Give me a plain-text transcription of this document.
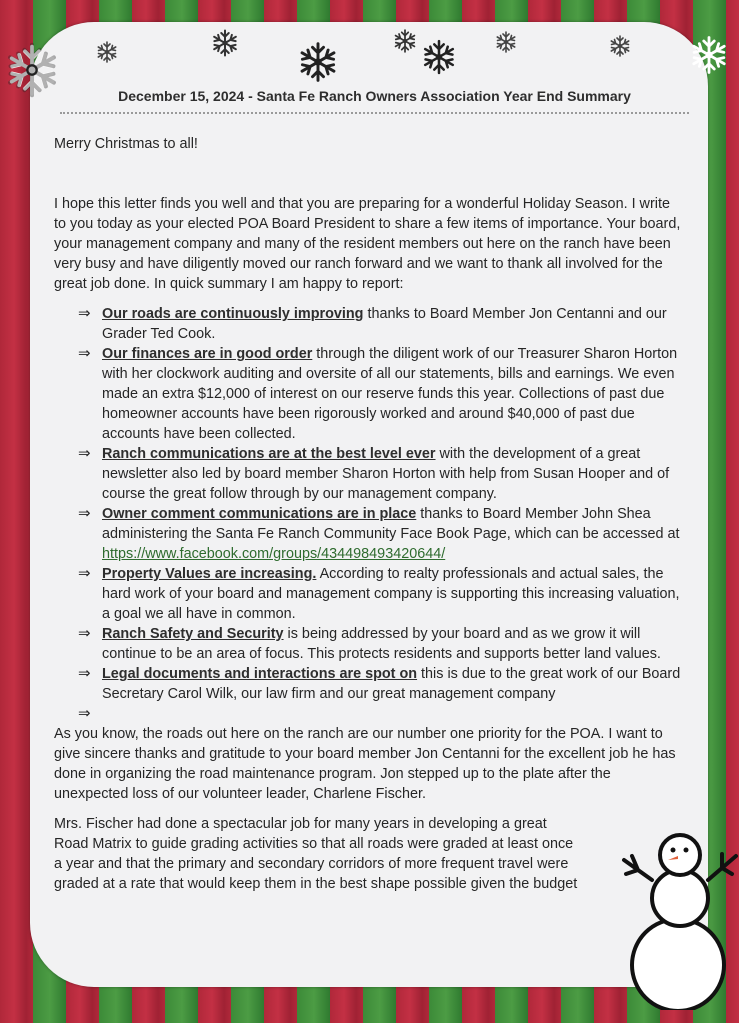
December 15, 2024 - Santa Fe Ranch Owners Association Year End Summary

Merry Christmas to all!

I hope this letter finds you well and that you are preparing for a wonderful Holiday Season. I write to you today as your elected POA Board President to share a few items of importance. Your board, your management company and many of the resident members out here on the ranch have been very busy and have diligently moved our ranch forward and we want to thank all involved for the great job done. In quick summary I am happy to report:

⇒ Our roads are continuously improving thanks to Board Member Jon Centanni and our Grader Ted Cook.
⇒ Our finances are in good order through the diligent work of our Treasurer Sharon Horton with her clockwork auditing and oversite of all our statements, bills and earnings. We even made an extra $12,000 of interest on our reserve funds this year. Collections of past due homeowner accounts have been rigorously worked and around $40,000 of past due accounts have been collected.
⇒ Ranch communications are at the best level ever with the development of a great newsletter also led by board member Sharon Horton with help from Susan Hooper and of course the great follow through by our management company.
⇒ Owner comment communications are in place thanks to Board Member John Shea administering the Santa Fe Ranch Community Face Book Page, which can be accessed at https://www.facebook.com/groups/434498493420644/
⇒ Property Values are increasing. According to realty professionals and actual sales, the hard work of your board and management company is supporting this increasing valuation, a goal we all have in common.
⇒ Ranch Safety and Security is being addressed by your board and as we grow it will continue to be an area of focus. This protects residents and supports better land values.
⇒ Legal documents and interactions are spot on this is due to the great work of our Board Secretary Carol Wilk, our law firm and our great management company
⇒

As you know, the roads out here on the ranch are our number one priority for the POA. I want to give sincere thanks and gratitude to your board member Jon Centanni for the excellent job he has done in organizing the road maintenance program. Jon stepped up to the plate after the unexpected loss of our volunteer leader, Charlene Fischer.

Mrs. Fischer had done a spectacular job for many years in developing a great
Road Matrix to guide grading activities so that all roads were graded at least once
a year and that the primary and secondary corridors of more frequent travel were
graded at a rate that would keep them in the best shape possible given the budget
